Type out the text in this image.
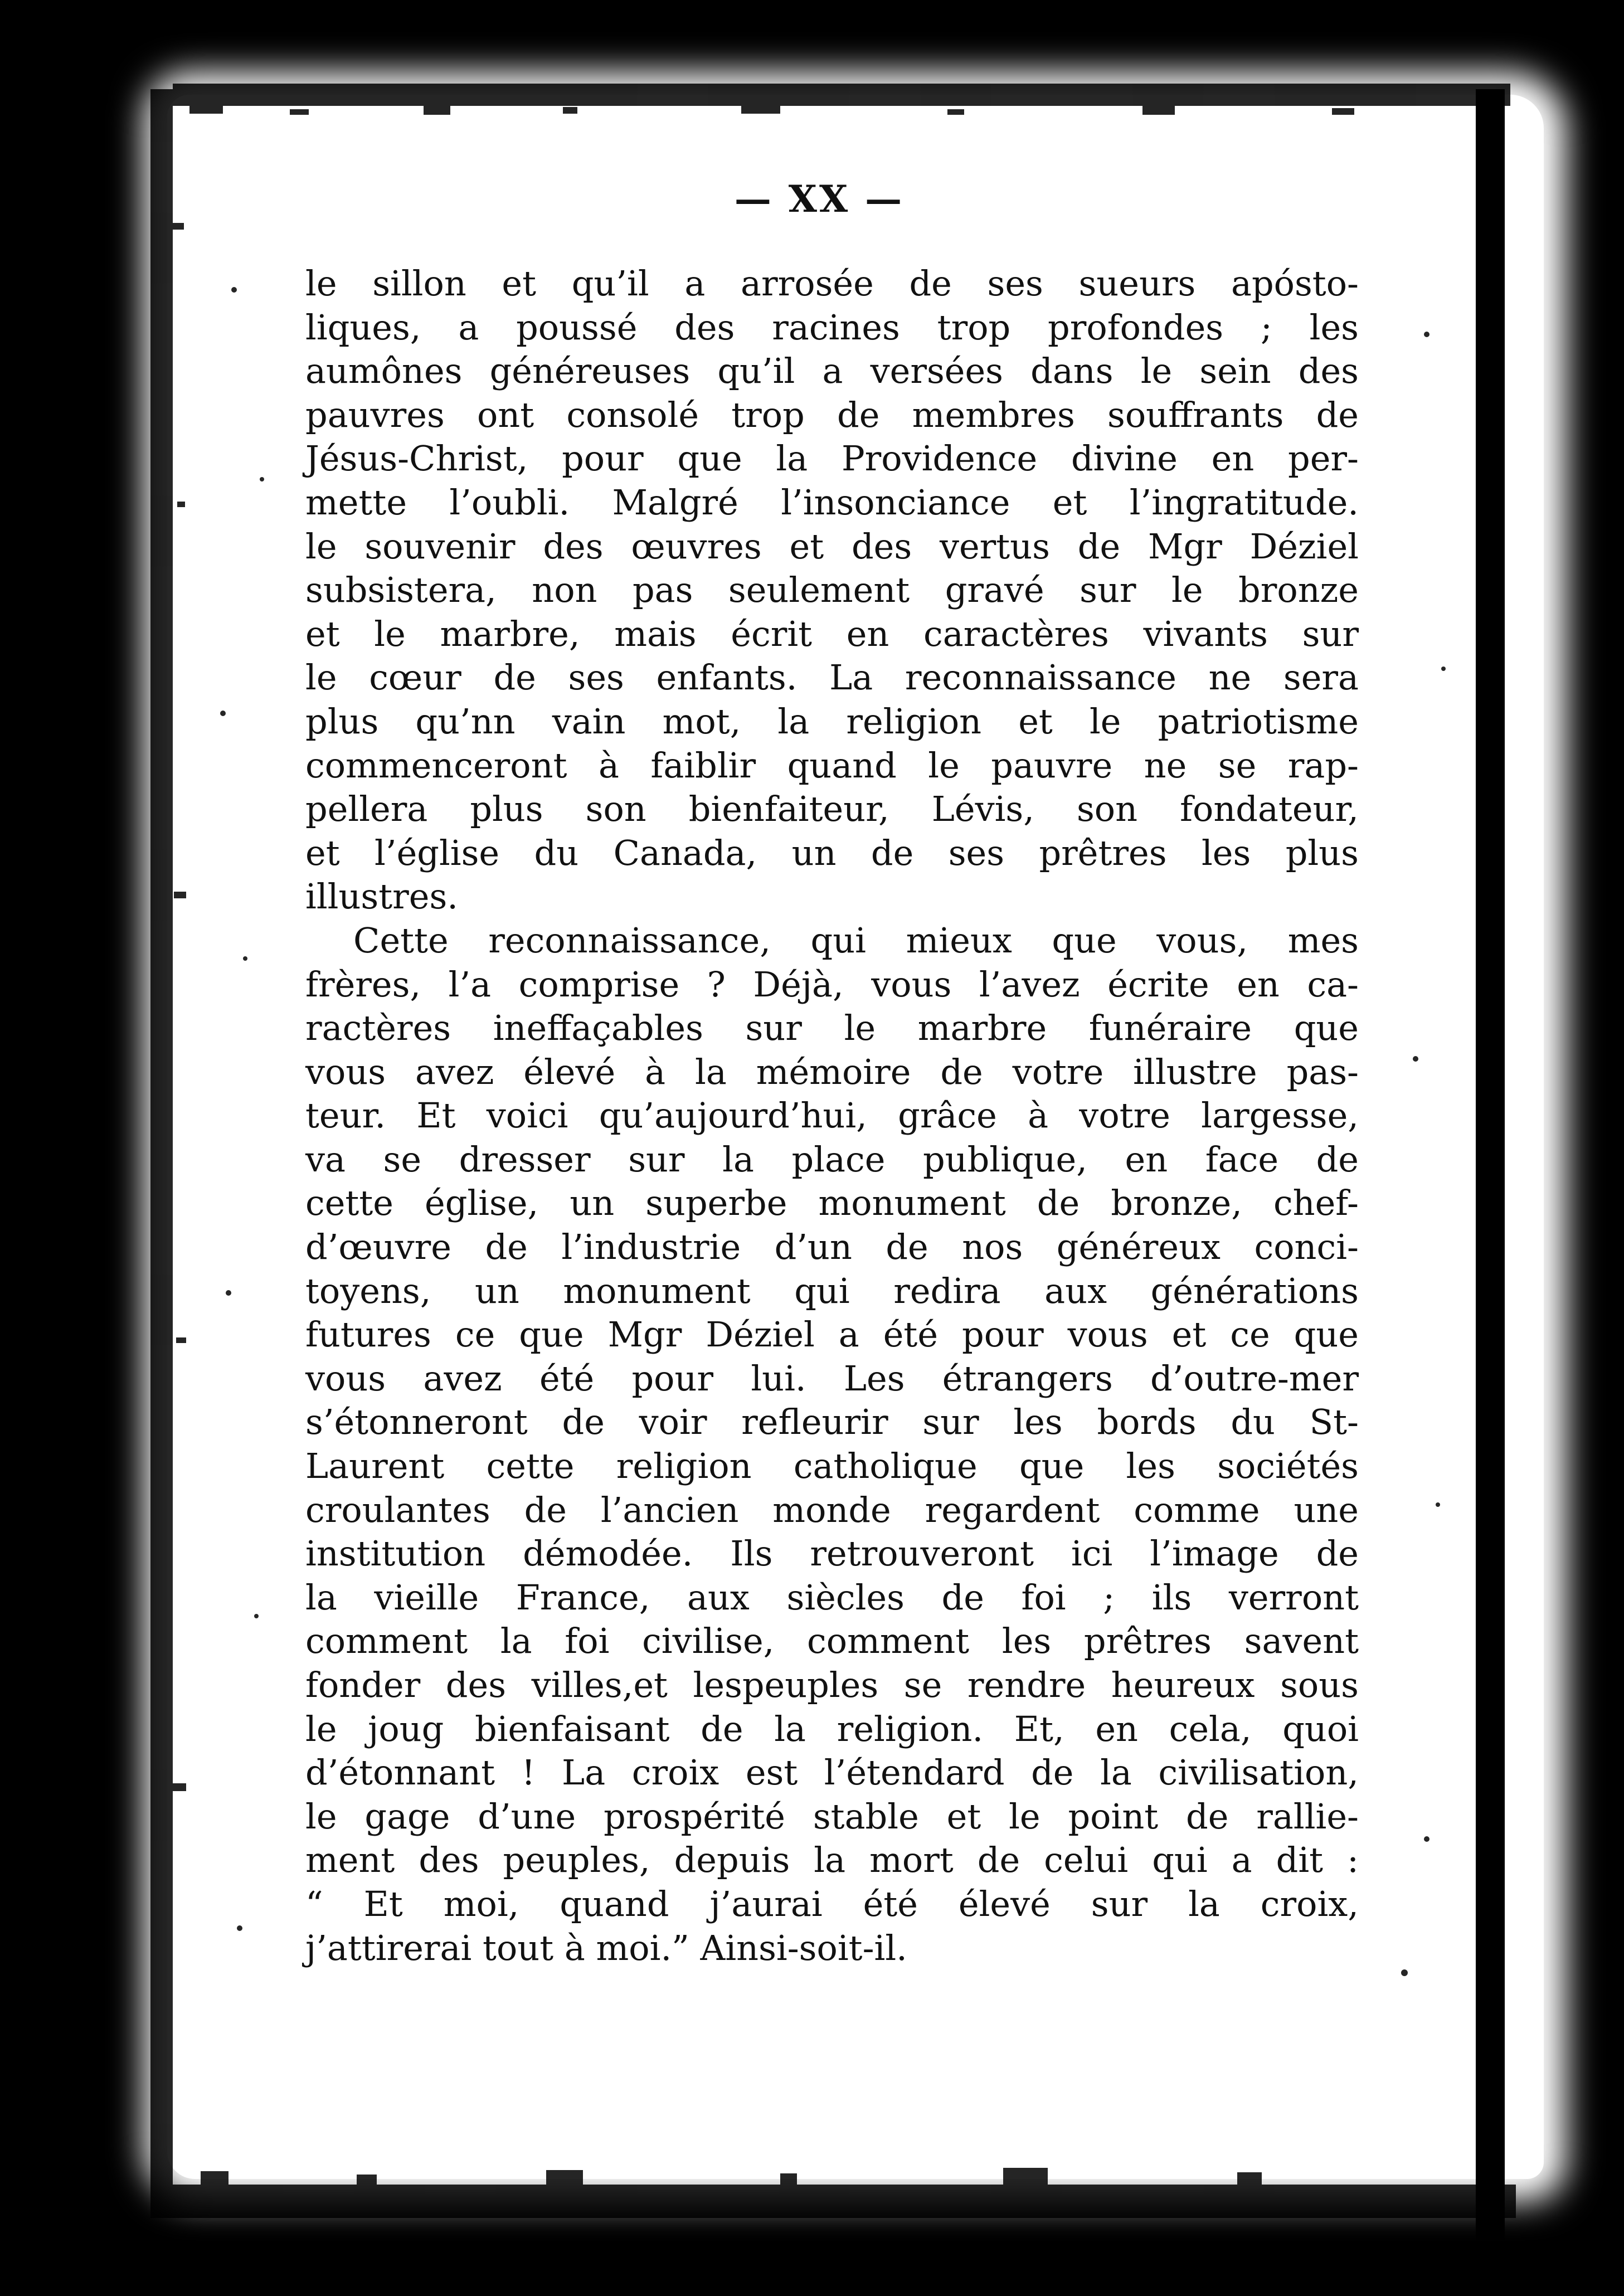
— XX —
le sillon et qu’il a arrosée de ses sueurs apósto-
liques, a poussé des racines trop profondes ; les
aumônes généreuses qu’il a versées dans le sein des
pauvres ont consolé trop de membres souffrants de
Jésus-Christ, pour que la Providence divine en per-
mette l’oubli. Malgré l’insonciance et l’ingratitude.
le souvenir des œuvres et des vertus de Mgr Déziel
subsistera, non pas seulement gravé sur le bronze
et le marbre, mais écrit en caractères vivants sur
le cœur de ses enfants. La reconnaissance ne sera
plus qu’nn vain mot, la religion et le patriotisme
commenceront à faiblir quand le pauvre ne se rap-
pellera plus son bienfaiteur, Lévis, son fondateur,
et l’église du Canada, un de ses prêtres les plus
illustres.
Cette reconnaissance, qui mieux que vous, mes
frères, l’a comprise ? Déjà, vous l’avez écrite en ca-
ractères ineffaçables sur le marbre funéraire que
vous avez élevé à la mémoire de votre illustre pas-
teur. Et voici qu’aujourd’hui, grâce à votre largesse,
va se dresser sur la place publique, en face de
cette église, un superbe monument de bronze, chef-
d’œuvre de l’industrie d’un de nos généreux conci-
toyens, un monument qui redira aux générations
futures ce que Mgr Déziel a été pour vous et ce que
vous avez été pour lui. Les étrangers d’outre-mer
s’étonneront de voir refleurir sur les bords du St-
Laurent cette religion catholique que les sociétés
croulantes de l’ancien monde regardent comme une
institution démodée. Ils retrouveront ici l’image de
la vieille France, aux siècles de foi ; ils verront
comment la foi civilise, comment les prêtres savent
fonder des villes,et lespeuples se rendre heureux sous
le joug bienfaisant de la religion. Et, en cela, quoi
d’étonnant ! La croix est l’étendard de la civilisation,
le gage d’une prospérité stable et le point de rallie-
ment des peuples, depuis la mort de celui qui a dit :
“ Et moi, quand j’aurai été élevé sur la croix,
j’attirerai tout à moi.” Ainsi-soit-il.
